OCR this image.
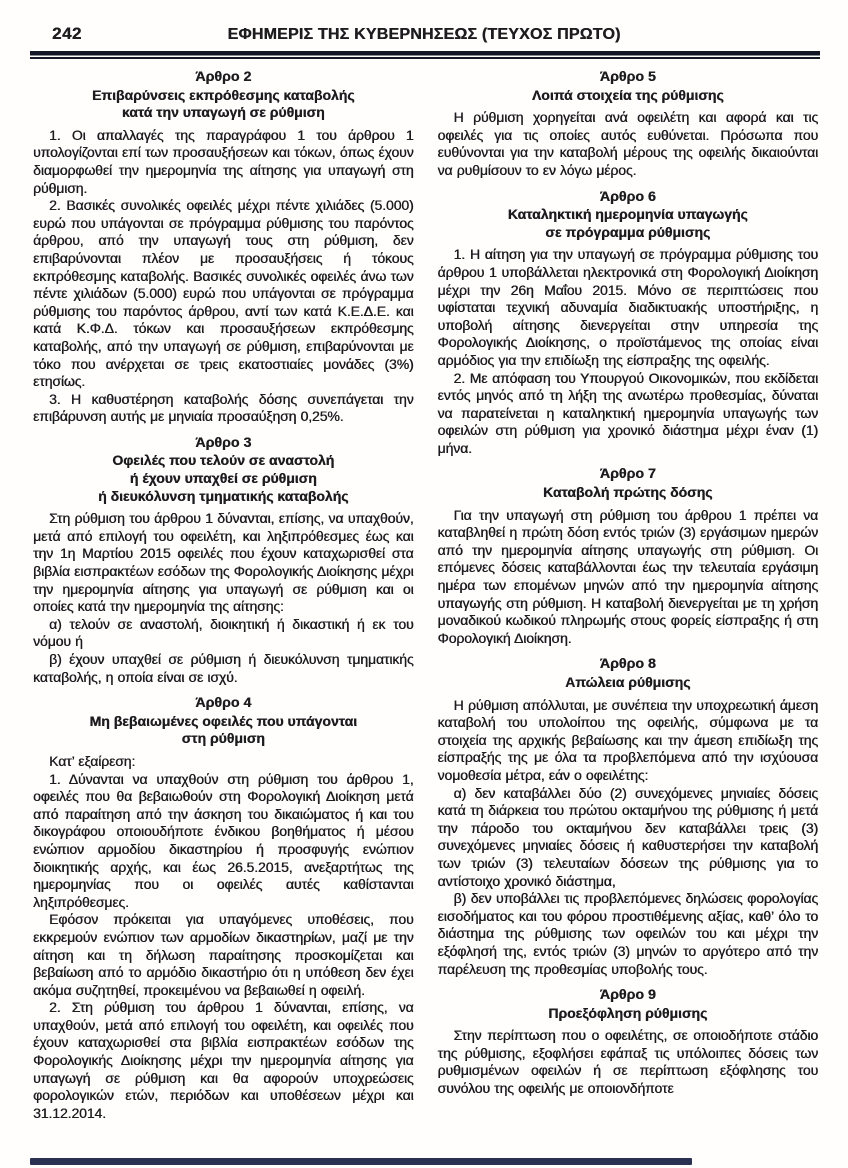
242	ΕΦΗΜΕΡΙΣ ΤΗΣ ΚΥΒΕΡΝΗΣΕΩΣ (ΤΕΥΧΟΣ ΠΡΩΤΟ)
Άρθρο 2
Επιβαρύνσεις εκπρόθεσμης καταβολής
κατά την υπαγωγή σε ρύθμιση

1. Οι απαλλαγές της παραγράφου 1 του άρθρου 1 υπολογίζονται επί των προσαυξήσεων και τόκων, όπως έχουν διαμορφωθεί την ημερομηνία της αίτησης για υπαγωγή στη ρύθμιση.

2. Βασικές συνολικές οφειλές μέχρι πέντε χιλιάδες (5.000) ευρώ που υπάγονται σε πρόγραμμα ρύθμισης του παρόντος άρθρου, από την υπαγωγή τους στη ρύθμιση, δεν επιβαρύνονται πλέον με προσαυξήσεις ή τόκους εκπρόθεσμης καταβολής. Βασικές συνολικές οφειλές άνω των πέντε χιλιάδων (5.000) ευρώ που υπάγονται σε πρόγραμμα ρύθμισης του παρόντος άρθρου, αντί των κατά Κ.Ε.Δ.Ε. και κατά Κ.Φ.Δ. τόκων και προσαυξήσεων εκπρόθεσμης καταβολής, από την υπαγωγή σε ρύθμιση, επιβαρύνονται με τόκο που ανέρχεται σε τρεις εκατοστιαίες μονάδες (3%) ετησίως.

3. Η καθυστέρηση καταβολής δόσης συνεπάγεται την επιβάρυνση αυτής με μηνιαία προσαύξηση 0,25%.

Άρθρο 3
Οφειλές που τελούν σε αναστολή
ή έχουν υπαχθεί σε ρύθμιση
ή διευκόλυνση τμηματικής καταβολής

Στη ρύθμιση του άρθρου 1 δύνανται, επίσης, να υπαχθούν, μετά από επιλογή του οφειλέτη, και ληξιπρόθεσμες έως και την 1η Μαρτίου 2015 οφειλές που έχουν καταχωρισθεί στα βιβλία εισπρακτέων εσόδων της Φορολογικής Διοίκησης μέχρι την ημερομηνία αίτησης για υπαγωγή σε ρύθμιση και οι οποίες κατά την ημερομηνία της αίτησης:

α) τελούν σε αναστολή, διοικητική ή δικαστική ή εκ του νόμου ή

β) έχουν υπαχθεί σε ρύθμιση ή διευκόλυνση τμηματικής καταβολής, η οποία είναι σε ισχύ.

Άρθρο 4
Μη βεβαιωμένες οφειλές που υπάγονται
στη ρύθμιση

Κατ’ εξαίρεση:

1. Δύνανται να υπαχθούν στη ρύθμιση του άρθρου 1, οφειλές που θα βεβαιωθούν στη Φορολογική Διοίκηση μετά από παραίτηση από την άσκηση του δικαιώματος ή και του δικογράφου οποιουδήποτε ένδικου βοηθήματος ή μέσου ενώπιον αρμοδίου δικαστηρίου ή προσφυγής ενώπιον διοικητικής αρχής, και έως 26.5.2015, ανεξαρτήτως της ημερομηνίας που οι οφειλές αυτές καθίστανται ληξιπρόθεσμες.

Εφόσον πρόκειται για υπαγόμενες υποθέσεις, που εκκρεμούν ενώπιον των αρμοδίων δικαστηρίων, μαζί με την αίτηση και τη δήλωση παραίτησης προσκομίζεται και βεβαίωση από το αρμόδιο δικαστήριο ότι η υπόθεση δεν έχει ακόμα συζητηθεί, προκειμένου να βεβαιωθεί η οφειλή.

2. Στη ρύθμιση του άρθρου 1 δύνανται, επίσης, να υπαχθούν, μετά από επιλογή του οφειλέτη, και οφειλές που έχουν καταχωρισθεί στα βιβλία εισπρακτέων εσόδων της Φορολογικής Διοίκησης μέχρι την ημερομηνία αίτησης για υπαγωγή σε ρύθμιση και θα αφορούν υποχρεώσεις φορολογικών ετών, περιόδων και υποθέσεων μέχρι και 31.12.2014.

Άρθρο 5
Λοιπά στοιχεία της ρύθμισης

Η ρύθμιση χορηγείται ανά οφειλέτη και αφορά και τις οφειλές για τις οποίες αυτός ευθύνεται. Πρόσωπα που ευθύνονται για την καταβολή μέρους της οφειλής δικαιούνται να ρυθμίσουν το εν λόγω μέρος.

Άρθρο 6
Καταληκτική ημερομηνία υπαγωγής
σε πρόγραμμα ρύθμισης

1. Η αίτηση για την υπαγωγή σε πρόγραμμα ρύθμισης του άρθρου 1 υποβάλλεται ηλεκτρονικά στη Φορολογική Διοίκηση μέχρι την 26η Μαΐου 2015. Μόνο σε περιπτώσεις που υφίσταται τεχνική αδυναμία διαδικτυακής υποστήριξης, η υποβολή αίτησης διενεργείται στην υπηρεσία της Φορολογικής Διοίκησης, ο προϊστάμενος της οποίας είναι αρμόδιος για την επιδίωξη της είσπραξης της οφειλής.

2. Με απόφαση του Υπουργού Οικονομικών, που εκδίδεται εντός μηνός από τη λήξη της ανωτέρω προθεσμίας, δύναται να παρατείνεται η καταληκτική ημερομηνία υπαγωγής των οφειλών στη ρύθμιση για χρονικό διάστημα μέχρι έναν (1) μήνα.

Άρθρο 7
Καταβολή πρώτης δόσης

Για την υπαγωγή στη ρύθμιση του άρθρου 1 πρέπει να καταβληθεί η πρώτη δόση εντός τριών (3) εργάσιμων ημερών από την ημερομηνία αίτησης υπαγωγής στη ρύθμιση. Οι επόμενες δόσεις καταβάλλονται έως την τελευταία εργάσιμη ημέρα των επομένων μηνών από την ημερομηνία αίτησης υπαγωγής στη ρύθμιση. Η καταβολή διενεργείται με τη χρήση μοναδικού κωδικού πληρωμής στους φορείς είσπραξης ή στη Φορολογική Διοίκηση.

Άρθρο 8
Απώλεια ρύθμισης

Η ρύθμιση απόλλυται, με συνέπεια την υποχρεωτική άμεση καταβολή του υπολοίπου της οφειλής, σύμφωνα με τα στοιχεία της αρχικής βεβαίωσης και την άμεση επιδίωξη της είσπραξής της με όλα τα προβλεπόμενα από την ισχύουσα νομοθεσία μέτρα, εάν ο οφειλέτης:

α) δεν καταβάλλει δύο (2) συνεχόμενες μηνιαίες δόσεις κατά τη διάρκεια του πρώτου οκταμήνου της ρύθμισης ή μετά την πάροδο του οκταμήνου δεν καταβάλλει τρεις (3) συνεχόμενες μηνιαίες δόσεις ή καθυστερήσει την καταβολή των τριών (3) τελευταίων δόσεων της ρύθμισης για το αντίστοιχο χρονικό διάστημα,

β) δεν υποβάλλει τις προβλεπόμενες δηλώσεις φορολογίας εισοδήματος και του φόρου προστιθέμενης αξίας, καθ’ όλο το διάστημα της ρύθμισης των οφειλών του και μέχρι την εξόφλησή της, εντός τριών (3) μηνών το αργότερο από την παρέλευση της προθεσμίας υποβολής τους.

Άρθρο 9
Προεξόφληση ρύθμισης

Στην περίπτωση που ο οφειλέτης, σε οποιοδήποτε στάδιο της ρύθμισης, εξοφλήσει εφάπαξ τις υπόλοιπες δόσεις των ρυθμισμένων οφειλών ή σε περίπτωση εξόφλησης του συνόλου της οφειλής με οποιονδήποτε
